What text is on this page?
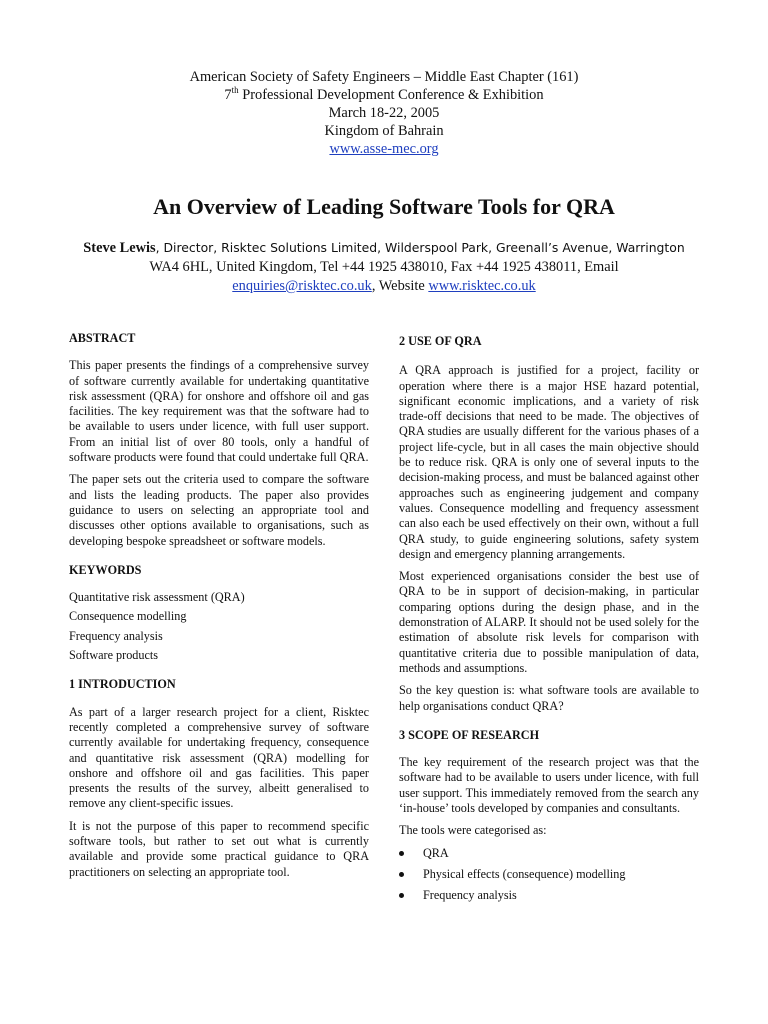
American Society of Safety Engineers – Middle East Chapter (161)
7th Professional Development Conference & Exhibition
March 18-22, 2005
Kingdom of Bahrain
www.asse-mec.org
An Overview of Leading Software Tools for QRA
Steve Lewis, Director, Risktec Solutions Limited, Wilderspool Park, Greenall’s Avenue, Warrington
WA4 6HL, United Kingdom, Tel +44 1925 438010, Fax +44 1925 438011, Email
enquiries@risktec.co.uk, Website www.risktec.co.uk
ABSTRACT

This paper presents the findings of a comprehensive survey of software currently available for undertaking quantitative risk assessment (QRA) for onshore and offshore oil and gas facilities. The key requirement was that the software had to be available to users under licence, with full user support. From an initial list of over 80 tools, only a handful of software products were found that could undertake full QRA.

The paper sets out the criteria used to compare the software and lists the leading products. The paper also provides guidance to users on selecting an appropriate tool and discusses other options available to organisations, such as developing bespoke spreadsheet or software models.

KEYWORDS
Quantitative risk assessment (QRA)
Consequence modelling
Frequency analysis
Software products
1 INTRODUCTION

As part of a larger research project for a client, Risktec recently completed a comprehensive survey of software currently available for undertaking frequency, consequence and quantitative risk assessment (QRA) modelling for onshore and offshore oil and gas facilities. This paper presents the results of the survey, albeitt generalised to remove any client-specific issues.

It is not the purpose of this paper to recommend specific software tools, but rather to set out what is currently available and provide some practical guidance to QRA practitioners on selecting an appropriate tool.

2 USE OF QRA

A QRA approach is justified for a project, facility or operation where there is a major HSE hazard potential, significant economic implications, and a variety of risk trade-off decisions that need to be made. The objectives of QRA studies are usually different for the various phases of a project life-cycle, but in all cases the main objective should be to reduce risk. QRA is only one of several inputs to the decision-making process, and must be balanced against other approaches such as engineering judgement and company values. Consequence modelling and frequency assessment can also each be used effectively on their own, without a full QRA study, to guide engineering solutions, safety system design and emergency planning arrangements.

Most experienced organisations consider the best use of QRA to be in support of decision-making, in particular comparing options during the design phase, and in the demonstration of ALARP. It should not be used solely for the estimation of absolute risk levels for comparison with quantitative criteria due to possible manipulation of data, methods and assumptions.

So the key question is: what software tools are available to help organisations conduct QRA?

3 SCOPE OF RESEARCH

The key requirement of the research project was that the software had to be available to users under licence, with full user support. This immediately removed from the search any ‘in-house’ tools developed by companies and consultants.

The tools were categorised as:

QRA
Physical effects (consequence) modelling
Frequency analysis
